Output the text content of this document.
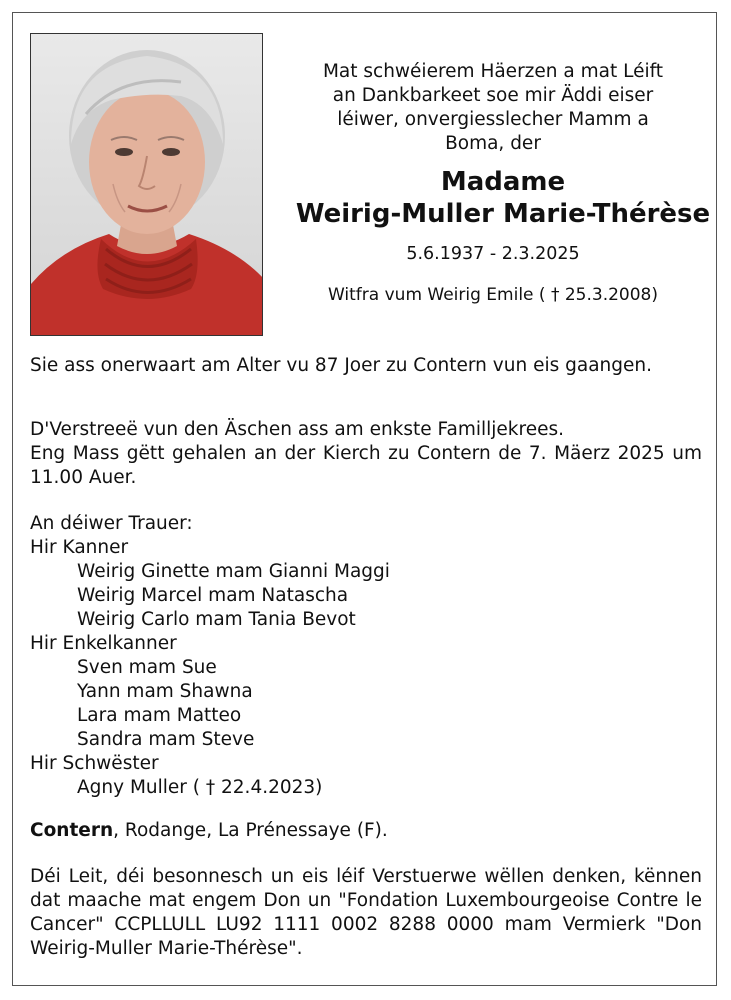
Mat schwéierem Häerzen a mat Léift
an Dankbarkeet soe mir Äddi eiser
léiwer, onvergiesslecher Mamm a
Boma, der
Madame
Weirig-Muller Marie-Thérèse
5.6.1937 - 2.3.2025
Witfra vum Weirig Emile ( † 25.3.2008)
Sie ass onerwaart am Alter vu 87 Joer zu Contern vun eis gaangen.
D'Verstreeë vun den Äschen ass am enkste Familljekrees.
Eng Mass gëtt gehalen an der Kierch zu Contern de 7. Mäerz 2025 um 11.00 Auer.
An déiwer Trauer:
Hir Kanner
Weirig Ginette mam Gianni Maggi
Weirig Marcel mam Natascha
Weirig Carlo mam Tania Bevot
Hir Enkelkanner
Sven mam Sue
Yann mam Shawna
Lara mam Matteo
Sandra mam Steve
Hir Schwëster
Agny Muller ( † 22.4.2023)
Contern, Rodange, La Prénessaye (F).
Déi Leit, déi besonnesch un eis léif Verstuerwe wëllen denken, kënnen dat maache mat engem Don un "Fondation Luxembourgeoise Contre le Cancer" CCPLLULL LU92 1111 0002 8288 0000 mam Vermierk "Don Weirig-Muller Marie-Thérèse".
